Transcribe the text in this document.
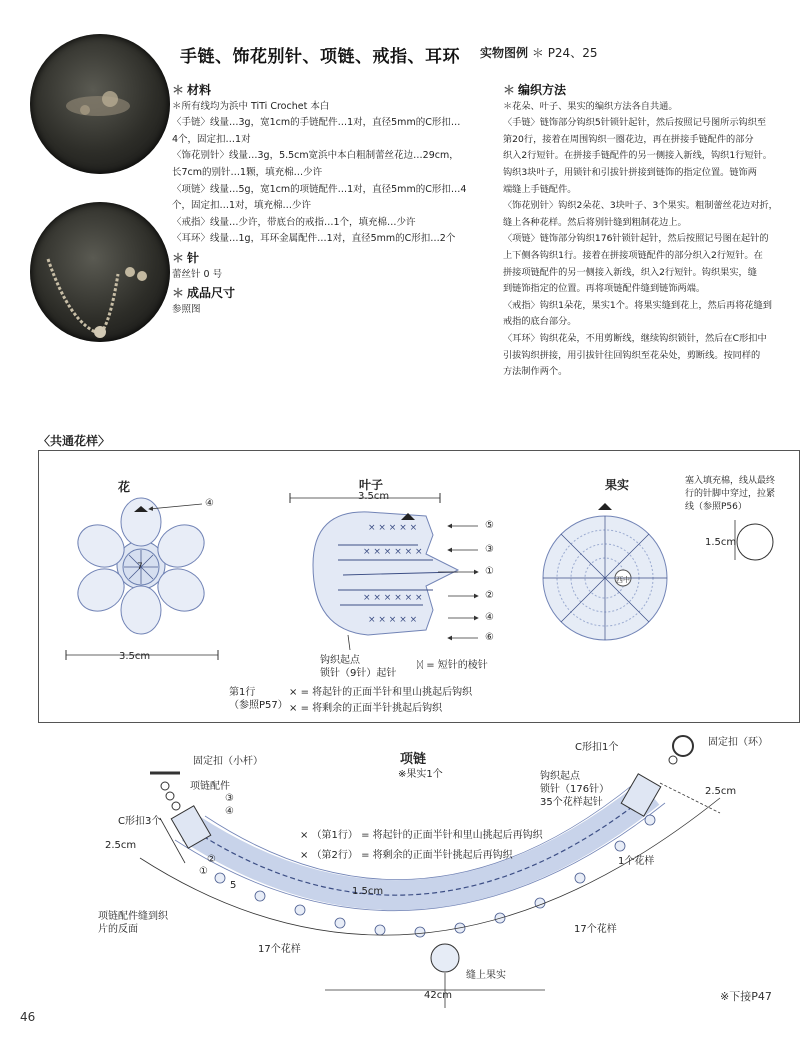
手链、饰花别针、项链、戒指、耳环 实物图例 ＊ P24、25
＊ 材料

＊所有线均为浜中 TiTi Crochet 本白

〈手链〉线量…3g，宽1cm的手链配件…1对，直径5mm的C形扣…

4个，固定扣…1对

〈饰花别针〉线量…3g，5.5cm宽浜中本白粗制蕾丝花边…29cm，

长7cm的别针…1颗，填充棉…少许

〈项链〉线量…5g，宽1cm的项链配件…1对，直径5mm的C形扣…4

个，固定扣…1对，填充棉…少许

〈戒指〉线量…少许，带底台的戒指…1个，填充棉…少许

〈耳环〉线量…1g，耳环金属配件…1对，直径5mm的C形扣…2个

＊ 针

蕾丝针 0 号

＊ 成品尺寸

参照图

＊ 编织方法

＊花朵、叶子、果实的编织方法各自共通。

〈手链〉链饰部分钩织5针锁针起针，然后按照记号图所示钩织至

第20行，接着在周围钩织一圈花边，再在拼接手链配件的部分

织入2行短针。在拼接手链配件的另一侧接入新线，钩织1行短针。

钩织3块叶子，用锁针和引拔针拼接到链饰的指定位置。链饰两

端缝上手链配件。

〈饰花别针〉钩织2朵花、3块叶子、3个果实。粗制蕾丝花边对折，

缝上各种花样。然后将别针缝到粗制花边上。

〈项链〉链饰部分钩织176针锁针起针，然后按照记号图在起针的

上下侧各钩织1行。接着在拼接项链配件的部分织入2行短针。在

拼接项链配件的另一侧接入新线，织入2行短针。钩织果实，缝

到链饰指定的位置。再将项链配件缝到链饰两端。

〈戒指〉钩织1朵花，果实1个。将果实缝到花上，然后再将花缝到

戒指的底台部分。

〈耳环〉钩织花朵，不用剪断线，继续钩织锁针，然后在C形扣中

引拔钩织拼接，用引拔针往回钩织至花朵处，剪断线。按同样的

方法制作两个。

〈共通花样〉
× × × × ×
× × × × × ×
× × × × × ×
× × × × ×
花
④
3.5cm
7
叶子
3.5cm
⑤
③
①
②
④
⑥
钩织起点
锁针（9针）起针
ᛞ = 短针的棱针
第1行
（参照P57）
× = 将起针的正面半针和里山挑起后钩织
× = 将剩余的正面半针挑起后钩织
果实
西中
塞入填充棉，线从最终
行的针脚中穿过，拉紧
线（参照P56）
1.5cm
项链
※果实1个
固定扣（小杆）
固定扣（环）
项链配件
C形扣3个
C形扣1个
2.5cm
2.5cm
钩织起点
锁针（176针）
35个花样起针
× （第1行） = 将起针的正面半针和里山挑起后再钩织
× （第2行） = 将剩余的正面半针挑起后再钩织
1个花样
1.5cm
项链配件缝到织
片的反面
17个花样
17个花样
缝上果实
42cm
②
①
5
③
④
46
※下接P47
